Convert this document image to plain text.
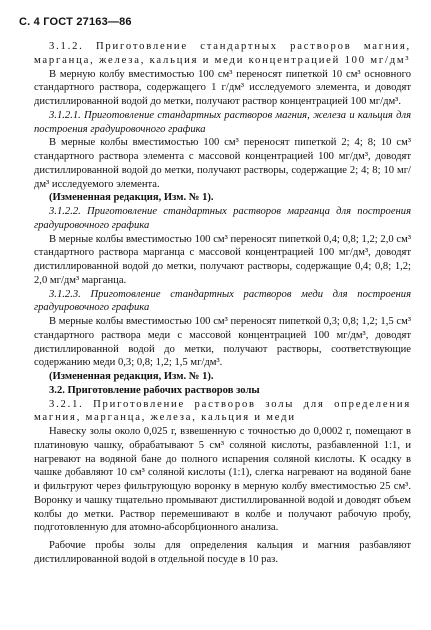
С. 4 ГОСТ 27163—86

3.1.2. Приготовление стандартных растворов магния, марганца, железа, кальция и меди концентрацией 100 мг/дм³

В мерную колбу вместимостью 100 см³ переносят пипеткой 10 см³ основного стандартного раствора, содержащего 1 г/дм³ исследуемого элемента, и доводят дистиллированной водой до метки, получают раствор концентрацией 100 мг/дм³.

3.1.2.1. Приготовление стандартных растворов магния, железа и кальция для построения градуировочного графика

В мерные колбы вместимостью 100 см³ переносят пипеткой 2; 4; 8; 10 см³ стандартного раствора элемента с массовой концентрацией 100 мг/дм³, доводят дистиллированной водой до метки, получают растворы, содержащие 2; 4; 8; 10 мг/дм³ исследуемого элемента.

(Измененная редакция, Изм. № 1).

3.1.2.2. Приготовление стандартных растворов марганца для построения градуировочного графика

В мерные колбы вместимостью 100 см³ переносят пипеткой 0,4; 0,8; 1,2; 2,0 см³ стандартного раствора марганца с массовой концентрацией 100 мг/дм³, доводят дистиллированной водой до метки, получают растворы, содержащие 0,4; 0,8; 1,2; 2,0 мг/дм³ марганца.

3.1.2.3. Приготовление стандартных растворов меди для построения градуировочного графика

В мерные колбы вместимостью 100 см³ переносят пипеткой 0,3; 0,8; 1,2; 1,5 см³ стандартного раствора меди с массовой концентрацией 100 мг/дм³, доводят дистиллированной водой до метки, получают растворы, соответствующие содержанию меди 0,3; 0,8; 1,2; 1,5 мг/дм³.

(Измененная редакция, Изм. № 1).

3.2. Приготовление рабочих растворов золы

3.2.1. Приготовление растворов золы для определения магния, марганца, железа, кальция и меди

Навеску золы около 0,025 г, взвешенную с точностью до 0,0002 г, помещают в платиновую чашку, обрабатывают 5 см³ соляной кислоты, разбавленной 1:1, и нагревают на водяной бане до полного испарения соляной кислоты. К осадку в чашке добавляют 10 см³ соляной кислоты (1:1), слегка нагревают на водяной бане и фильтруют через фильтрующую воронку в мерную колбу вместимостью 25 см³. Воронку и чашку тщательно промывают дистиллированной водой и доводят объем колбы до метки. Раствор перемешивают в колбе и получают рабочую пробу, подготовленную для атомно-абсорбционного анализа.

Рабочие пробы золы для определения кальция и магния разбавляют дистиллированной водой в отдельной посуде в 10 раз.
